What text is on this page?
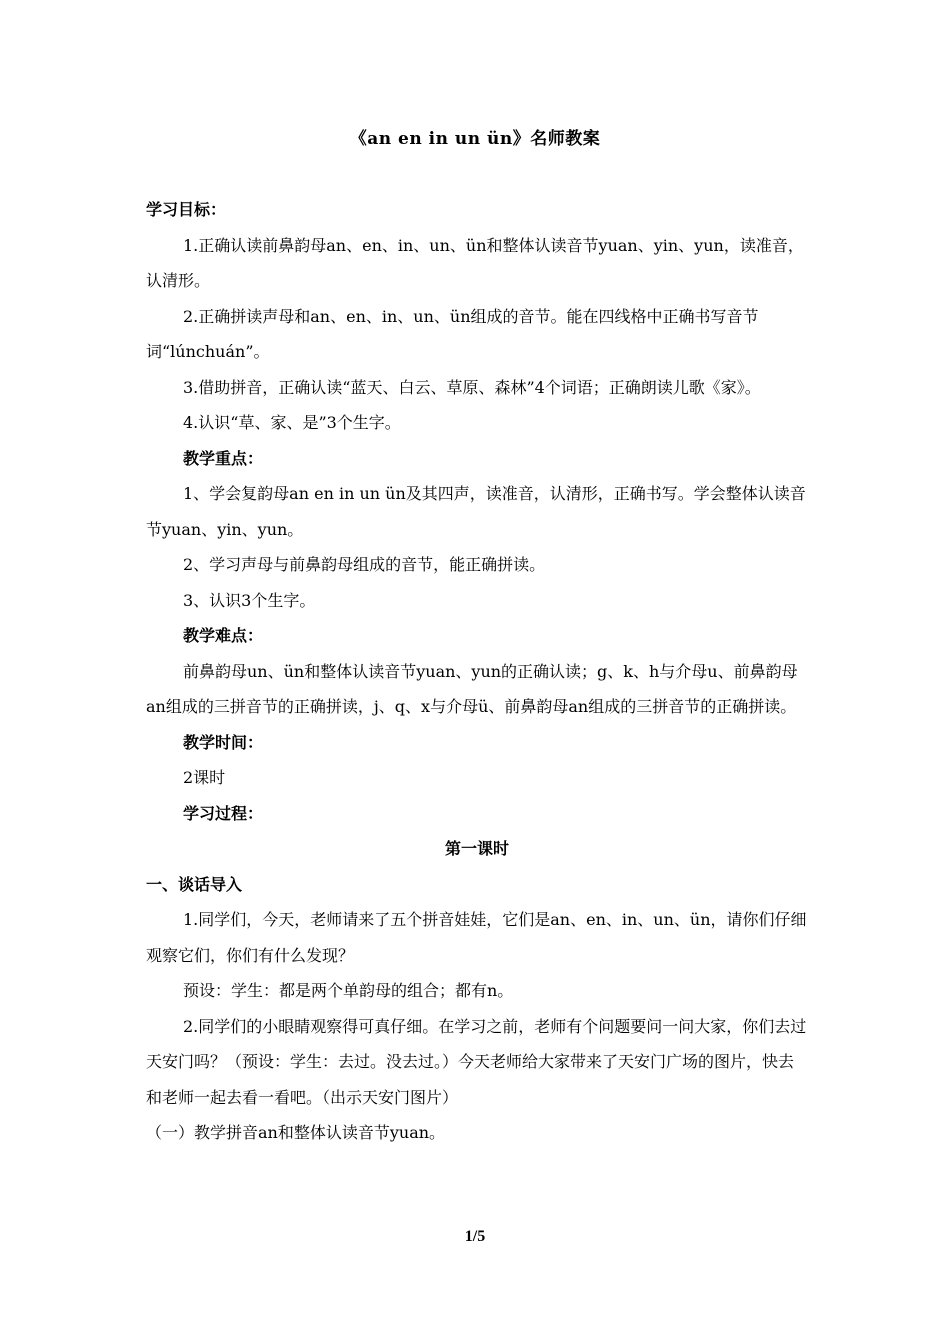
《an en in un ün》名师教案

学习目标：

1.正确认读前鼻韵母an、en、in、un、ün和整体认读音节yuan、yin、yun，读准音，认清形。

2.正确拼读声母和an、en、in、un、ün组成的音节。能在四线格中正确书写音节词“lúnchuán”。

3.借助拼音，正确认读“蓝天、白云、草原、森林”4个词语；正确朗读儿歌《家》。

4.认识“草、家、是”3个生字。

教学重点：

1、学会复韵母an en in un ün及其四声，读准音，认清形，正确书写。学会整体认读音节yuan、yin、yun。

2、学习声母与前鼻韵母组成的音节，能正确拼读。

3、认识3个生字。

教学难点：

前鼻韵母un、ün和整体认读音节yuan、yun的正确认读；g、k、h与介母u、前鼻韵母an组成的三拼音节的正确拼读，j、q、x与介母ü、前鼻韵母an组成的三拼音节的正确拼读。

教学时间：

2课时

学习过程：

第一课时

一、谈话导入

1.同学们，今天，老师请来了五个拼音娃娃，它们是an、en、in、un、ün，请你们仔细观察它们，你们有什么发现？

预设：学生：都是两个单韵母的组合；都有n。

2.同学们的小眼睛观察得可真仔细。在学习之前，老师有个问题要问一问大家，你们去过天安门吗？（预设：学生：去过。没去过。）今天老师给大家带来了天安门广场的图片，快去和老师一起去看一看吧。（出示天安门图片）

（一）教学拼音an和整体认读音节yuan。

1/5
